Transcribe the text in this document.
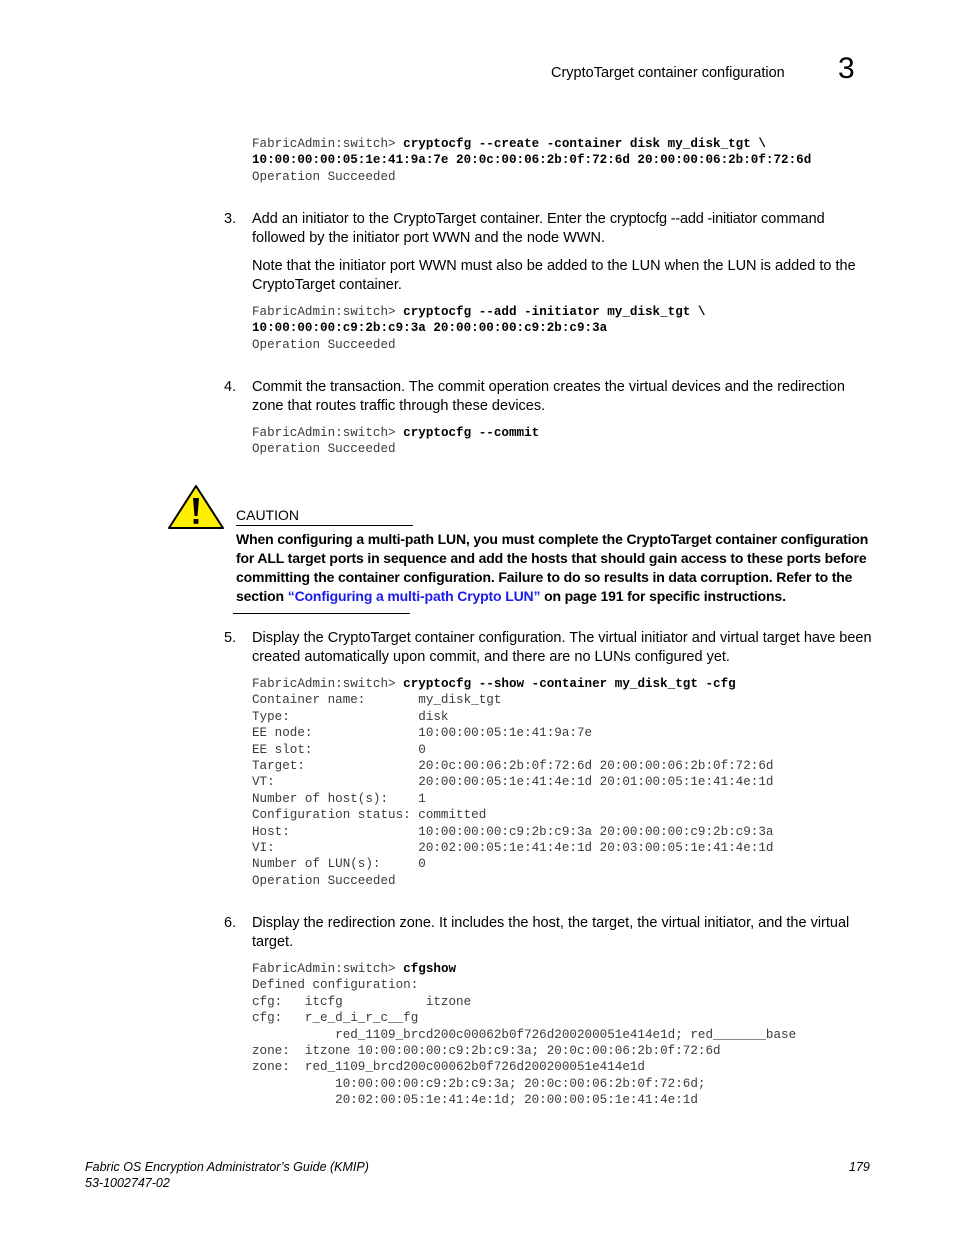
CryptoTarget container configuration 3
FabricAdmin:switch> cryptocfg --create -container disk my_disk_tgt \
10:00:00:00:05:1e:41:9a:7e 20:0c:00:06:2b:0f:72:6d 20:00:00:06:2b:0f:72:6d
Operation Succeeded
3. Add an initiator to the CryptoTarget container. Enter the cryptocfg --add -initiator command followed by the initiator port WWN and the node WWN.
Note that the initiator port WWN must also be added to the LUN when the LUN is added to the CryptoTarget container.
FabricAdmin:switch> cryptocfg --add -initiator my_disk_tgt \
10:00:00:00:c9:2b:c9:3a 20:00:00:00:c9:2b:c9:3a
Operation Succeeded
4. Commit the transaction. The commit operation creates the virtual devices and the redirection zone that routes traffic through these devices.
FabricAdmin:switch> cryptocfg --commit
Operation Succeeded
CAUTION
When configuring a multi-path LUN, you must complete the CryptoTarget container configuration for ALL target ports in sequence and add the hosts that should gain access to these ports before committing the container configuration. Failure to do so results in data corruption. Refer to the section “Configuring a multi-path Crypto LUN” on page 191 for specific instructions.
5. Display the CryptoTarget container configuration. The virtual initiator and virtual target have been created automatically upon commit, and there are no LUNs configured yet.
FabricAdmin:switch> cryptocfg --show -container my_disk_tgt -cfg
Container name:       my_disk_tgt
Type:                 disk
EE node:              10:00:00:05:1e:41:9a:7e
EE slot:              0
Target:               20:0c:00:06:2b:0f:72:6d 20:00:00:06:2b:0f:72:6d
VT:                   20:00:00:05:1e:41:4e:1d 20:01:00:05:1e:41:4e:1d
Number of host(s):    1
Configuration status: committed
Host:                 10:00:00:00:c9:2b:c9:3a 20:00:00:00:c9:2b:c9:3a
VI:                   20:02:00:05:1e:41:4e:1d 20:03:00:05:1e:41:4e:1d
Number of LUN(s):     0
Operation Succeeded
6. Display the redirection zone. It includes the host, the target, the virtual initiator, and the virtual target.
FabricAdmin:switch> cfgshow
Defined configuration:
cfg:   itcfg           itzone
cfg:   r_e_d_i_r_c__fg
red_1109_brcd200c00062b0f726d200200051e414e1d; red_______base
zone:  itzone 10:00:00:00:c9:2b:c9:3a; 20:0c:00:06:2b:0f:72:6d
zone:  red_1109_brcd200c00062b0f726d200200051e414e1d
10:00:00:00:c9:2b:c9:3a; 20:0c:00:06:2b:0f:72:6d;
20:02:00:05:1e:41:4e:1d; 20:00:00:05:1e:41:4e:1d
Fabric OS Encryption Administrator’s Guide (KMIP)
53-1002747-02
179
